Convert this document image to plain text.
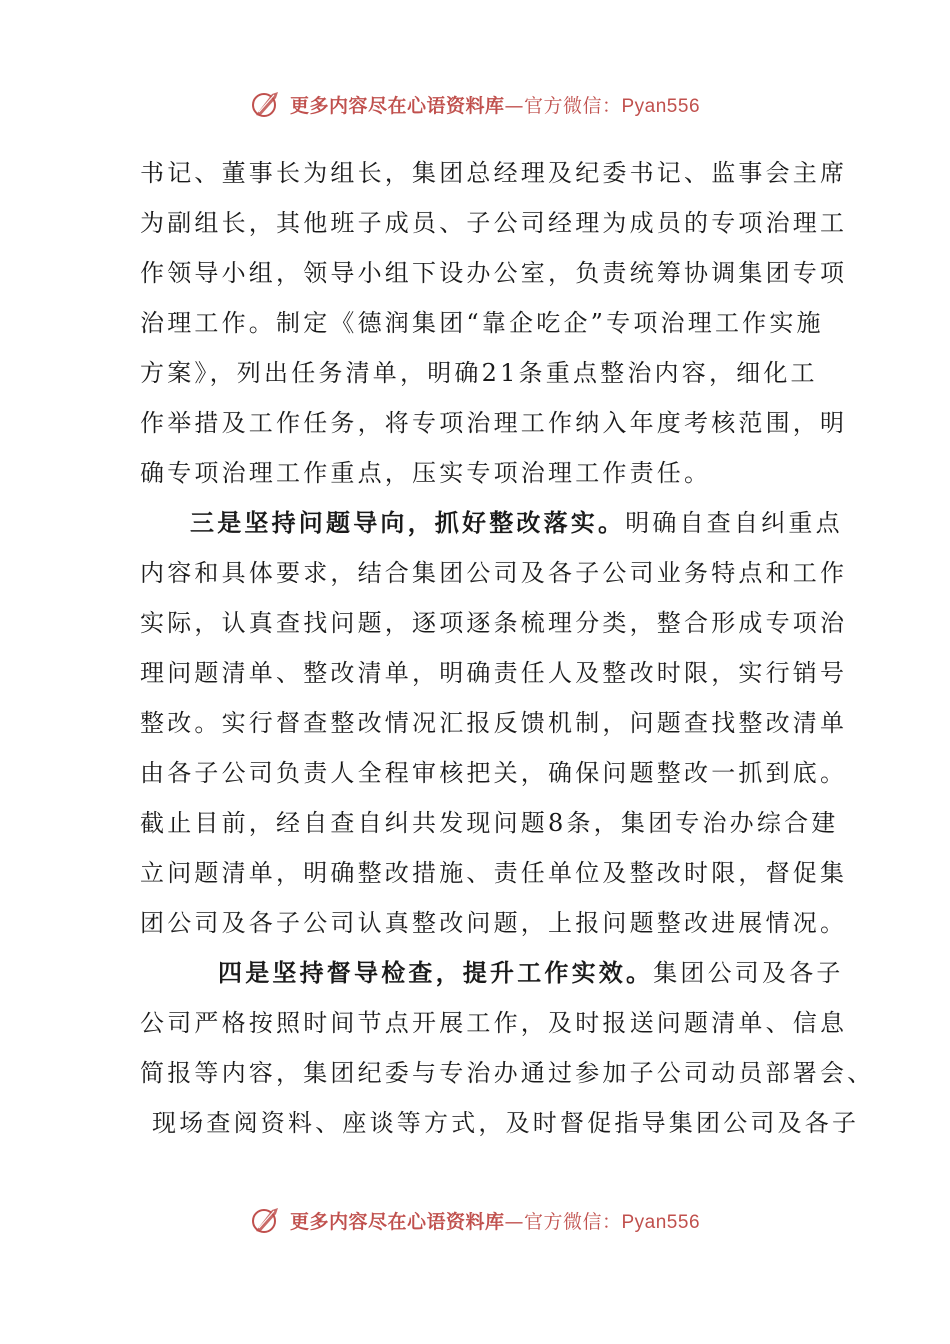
更多内容尽在心语资料库—官方微信：Pyan556
书记、董事长为组长，集团总经理及纪委书记、监事会主席
为副组长，其他班子成员、子公司经理为成员的专项治理工
作领导小组，领导小组下设办公室，负责统筹协调集团专项
治理工作。制定《德润集团“靠企吃企”专项治理工作实施
方案》，列出任务清单，明确21条重点整治内容，细化工
作举措及工作任务，将专项治理工作纳入年度考核范围，明
确专项治理工作重点，压实专项治理工作责任。
三是坚持问题导向，抓好整改落实。明确自查自纠重点
内容和具体要求，结合集团公司及各子公司业务特点和工作
实际，认真查找问题，逐项逐条梳理分类，整合形成专项治
理问题清单、整改清单，明确责任人及整改时限，实行销号
整改。实行督查整改情况汇报反馈机制，问题查找整改清单
由各子公司负责人全程审核把关，确保问题整改一抓到底。
截止目前，经自查自纠共发现问题8条，集团专治办综合建
立问题清单，明确整改措施、责任单位及整改时限，督促集
团公司及各子公司认真整改问题，上报问题整改进展情况。
四是坚持督导检查，提升工作实效。集团公司及各子
公司严格按照时间节点开展工作，及时报送问题清单、信息
简报等内容，集团纪委与专治办通过参加子公司动员部署会、
现场查阅资料、座谈等方式，及时督促指导集团公司及各子
更多内容尽在心语资料库—官方微信：Pyan556
